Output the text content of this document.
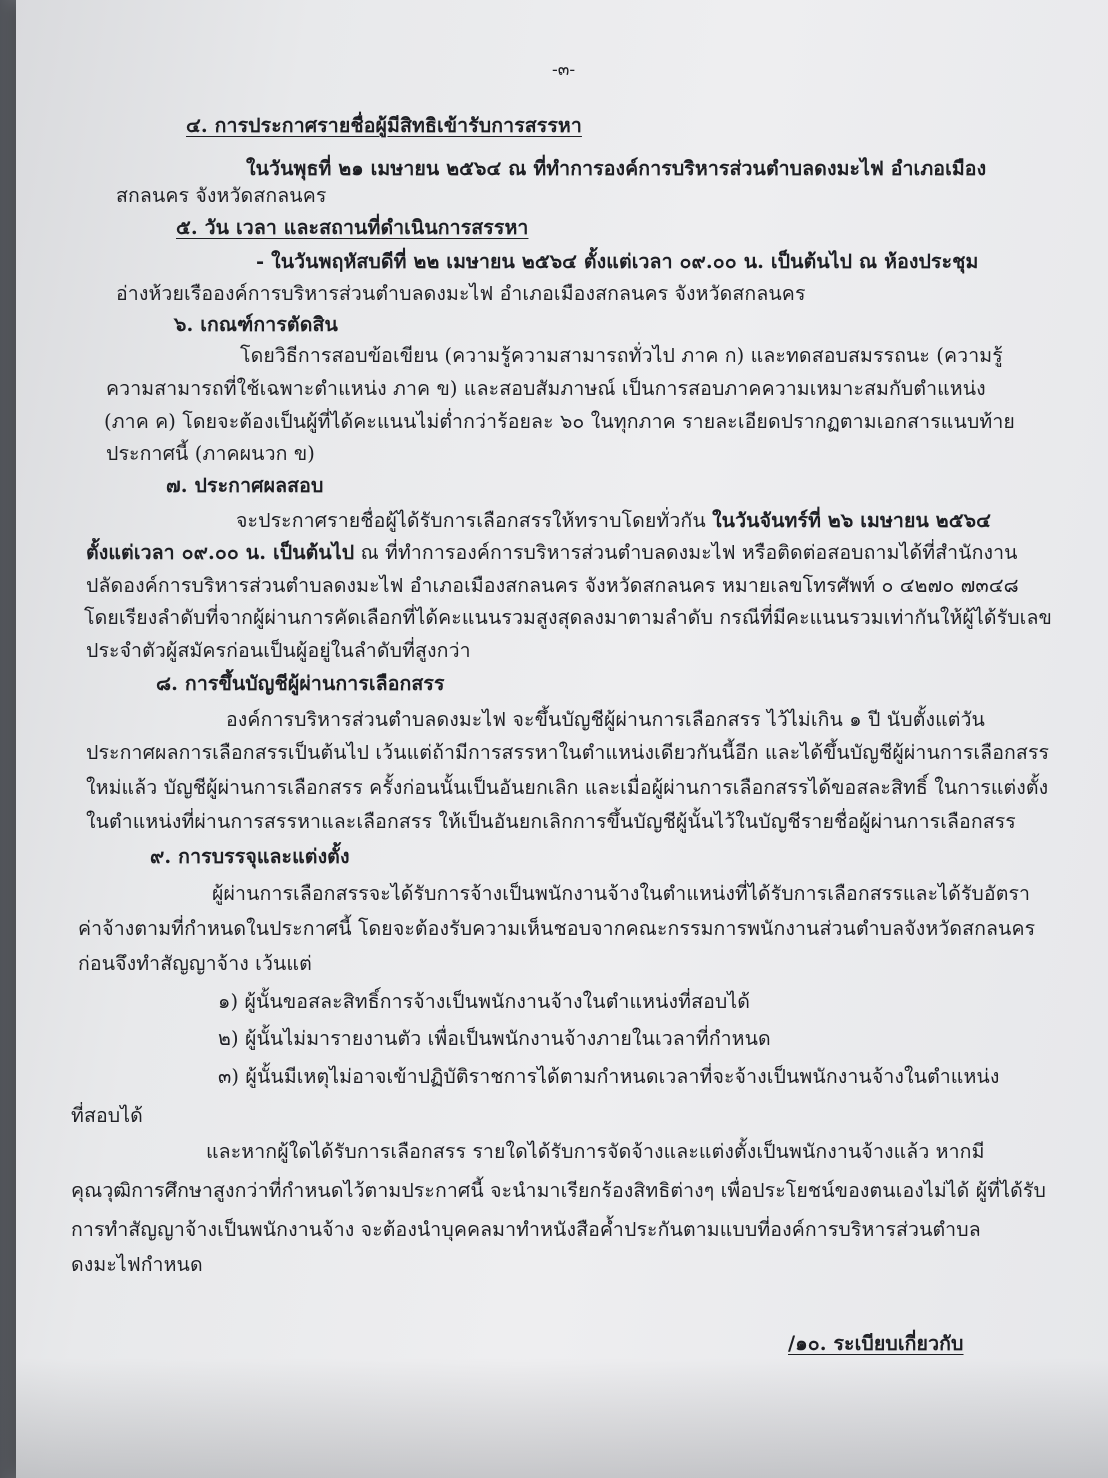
-๓-
๔. การประกาศรายชื่อผู้มีสิทธิเข้ารับการสรรหา
ในวันพุธที่ ๒๑ เมษายน ๒๕๖๔ ณ ที่ทำการองค์การบริหารส่วนตำบลดงมะไฟ อำเภอเมือง
สกลนคร จังหวัดสกลนคร
๕. วัน เวลา และสถานที่ดำเนินการสรรหา
- ในวันพฤหัสบดีที่ ๒๒ เมษายน ๒๕๖๔ ตั้งแต่เวลา ๐๙.๐๐ น. เป็นต้นไป ณ ห้องประชุม
อ่างห้วยเรือองค์การบริหารส่วนตำบลดงมะไฟ อำเภอเมืองสกลนคร จังหวัดสกลนคร
๖. เกณฑ์การตัดสิน
โดยวิธีการสอบข้อเขียน (ความรู้ความสามารถทั่วไป ภาค ก) และทดสอบสมรรถนะ (ความรู้
ความสามารถที่ใช้เฉพาะตำแหน่ง ภาค ข) และสอบสัมภาษณ์ เป็นการสอบภาคความเหมาะสมกับตำแหน่ง
(ภาค ค) โดยจะต้องเป็นผู้ที่ได้คะแนนไม่ต่ำกว่าร้อยละ ๖๐ ในทุกภาค รายละเอียดปรากฏตามเอกสารแนบท้าย
ประกาศนี้ (ภาคผนวก ข)
๗. ประกาศผลสอบ
จะประกาศรายชื่อผู้ได้รับการเลือกสรรให้ทราบโดยทั่วกัน ในวันจันทร์ที่ ๒๖ เมษายน ๒๕๖๔
ตั้งแต่เวลา ๐๙.๐๐ น. เป็นต้นไป ณ ที่ทำการองค์การบริหารส่วนตำบลดงมะไฟ หรือติดต่อสอบถามได้ที่สำนักงาน
ปลัดองค์การบริหารส่วนตำบลดงมะไฟ อำเภอเมืองสกลนคร จังหวัดสกลนคร หมายเลขโทรศัพท์ ๐ ๔๒๗๐ ๗๓๔๘
โดยเรียงลำดับที่จากผู้ผ่านการคัดเลือกที่ได้คะแนนรวมสูงสุดลงมาตามลำดับ กรณีที่มีคะแนนรวมเท่ากันให้ผู้ได้รับเลข
ประจำตัวผู้สมัครก่อนเป็นผู้อยู่ในลำดับที่สูงกว่า
๘. การขึ้นบัญชีผู้ผ่านการเลือกสรร
องค์การบริหารส่วนตำบลดงมะไฟ จะขึ้นบัญชีผู้ผ่านการเลือกสรร ไว้ไม่เกิน ๑ ปี นับตั้งแต่วัน
ประกาศผลการเลือกสรรเป็นต้นไป เว้นแต่ถ้ามีการสรรหาในตำแหน่งเดียวกันนี้อีก และได้ขึ้นบัญชีผู้ผ่านการเลือกสรร
ใหม่แล้ว บัญชีผู้ผ่านการเลือกสรร ครั้งก่อนนั้นเป็นอันยกเลิก และเมื่อผู้ผ่านการเลือกสรรได้ขอสละสิทธิ์ ในการแต่งตั้ง
ในตำแหน่งที่ผ่านการสรรหาและเลือกสรร ให้เป็นอันยกเลิกการขึ้นบัญชีผู้นั้นไว้ในบัญชีรายชื่อผู้ผ่านการเลือกสรร
๙. การบรรจุและแต่งตั้ง
ผู้ผ่านการเลือกสรรจะได้รับการจ้างเป็นพนักงานจ้างในตำแหน่งที่ได้รับการเลือกสรรและได้รับอัตรา
ค่าจ้างตามที่กำหนดในประกาศนี้ โดยจะต้องรับความเห็นชอบจากคณะกรรมการพนักงานส่วนตำบลจังหวัดสกลนคร
ก่อนจึงทำสัญญาจ้าง เว้นแต่
๑) ผู้นั้นขอสละสิทธิ์การจ้างเป็นพนักงานจ้างในตำแหน่งที่สอบได้
๒) ผู้นั้นไม่มารายงานตัว เพื่อเป็นพนักงานจ้างภายในเวลาที่กำหนด
๓) ผู้นั้นมีเหตุไม่อาจเข้าปฏิบัติราชการได้ตามกำหนดเวลาที่จะจ้างเป็นพนักงานจ้างในตำแหน่ง
ที่สอบได้
และหากผู้ใดได้รับการเลือกสรร รายใดได้รับการจัดจ้างและแต่งตั้งเป็นพนักงานจ้างแล้ว หากมี
คุณวุฒิการศึกษาสูงกว่าที่กำหนดไว้ตามประกาศนี้ จะนำมาเรียกร้องสิทธิต่างๆ เพื่อประโยชน์ของตนเองไม่ได้ ผู้ที่ได้รับ
การทำสัญญาจ้างเป็นพนักงานจ้าง จะต้องนำบุคคลมาทำหนังสือค้ำประกันตามแบบที่องค์การบริหารส่วนตำบล
ดงมะไฟกำหนด
/๑๐. ระเบียบเกี่ยวกับ
